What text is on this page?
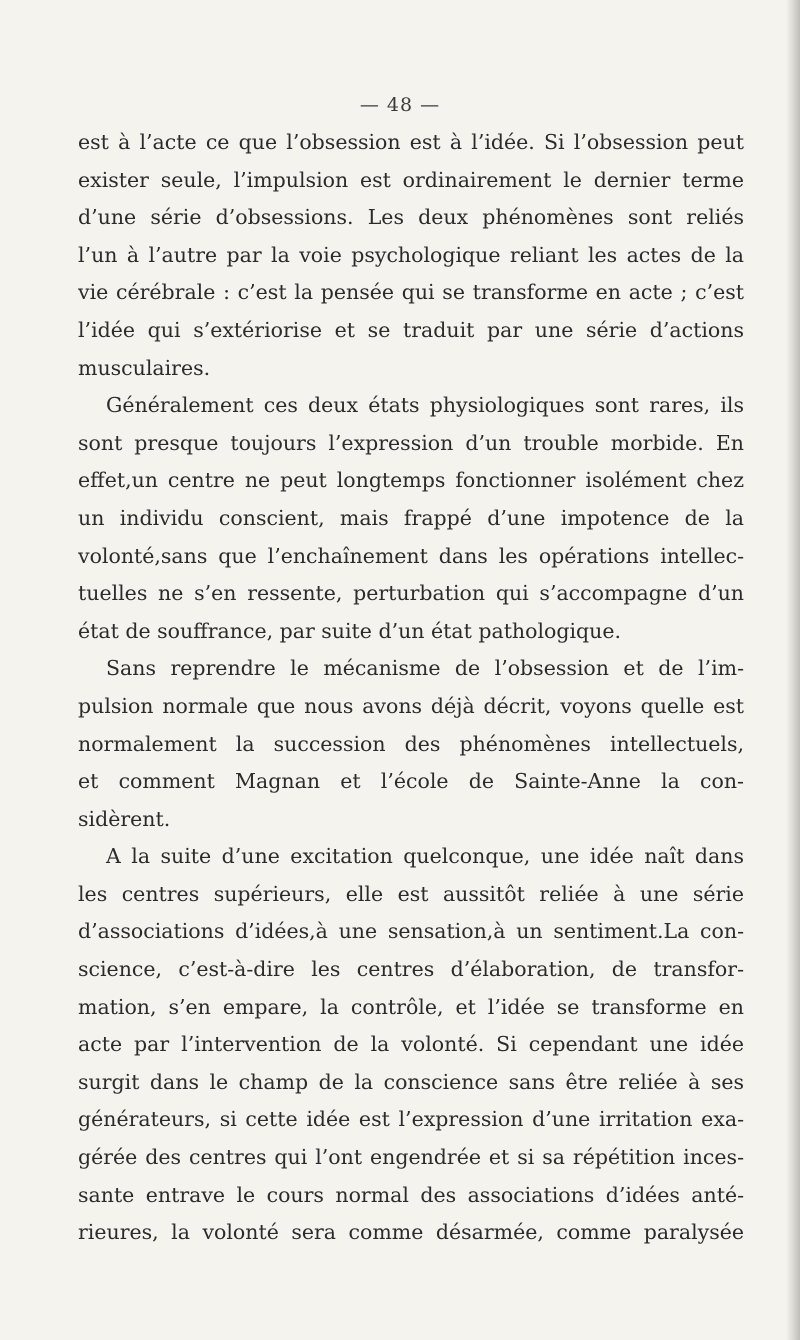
— 48 —
est à l’acte ce que l’obsession est à l’idée. Si l’obsession peut
exister seule, l’impulsion est ordinairement le dernier terme
d’une série d’obsessions. Les deux phénomènes sont reliés
l’un à l’autre par la voie psychologique reliant les actes de la
vie cérébrale : c’est la pensée qui se transforme en acte ; c’est
l’idée qui s’extériorise et se traduit par une série d’actions
musculaires.
Généralement ces deux états physiologiques sont rares, ils
sont presque toujours l’expression d’un trouble morbide. En
effet,un centre ne peut longtemps fonctionner isolément chez
un individu conscient, mais frappé d’une impotence de la
volonté,sans que l’enchaînement dans les opérations intellec-
tuelles ne s’en ressente, perturbation qui s’accompagne d’un
état de souffrance, par suite d’un état pathologique.
Sans reprendre le mécanisme de l’obsession et de l’im-
pulsion normale que nous avons déjà décrit, voyons quelle est
normalement la succession des phénomènes intellectuels,
et comment Magnan et l’école de Sainte-Anne la con-
sidèrent.
A la suite d’une excitation quelconque, une idée naît dans
les centres supérieurs, elle est aussitôt reliée à une série
d’associations d’idées,à une sensation,à un sentiment.La con-
science, c’est-à-dire les centres d’élaboration, de transfor-
mation, s’en empare, la contrôle, et l’idée se transforme en
acte par l’intervention de la volonté. Si cependant une idée
surgit dans le champ de la conscience sans être reliée à ses
générateurs, si cette idée est l’expression d’une irritation exa-
gérée des centres qui l’ont engendrée et si sa répétition inces-
sante entrave le cours normal des associations d’idées anté-
rieures, la volonté sera comme désarmée, comme paralysée
